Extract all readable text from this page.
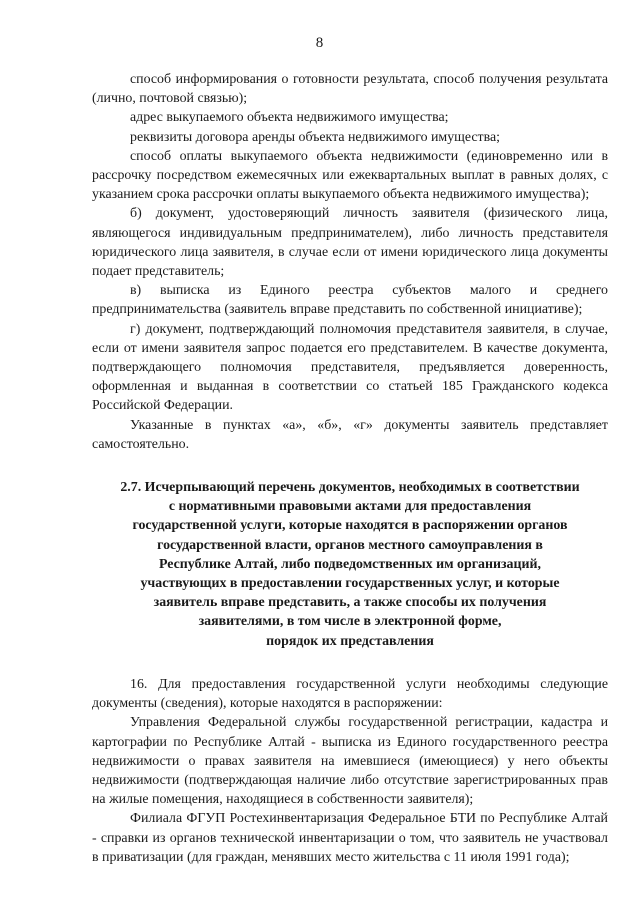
8

способ информирования о готовности результата, способ получения результата (лично, почтовой связью);

адрес выкупаемого объекта недвижимого имущества;

реквизиты договора аренды объекта недвижимого имущества;

способ оплаты выкупаемого объекта недвижимости (единовременно или в рассрочку посредством ежемесячных или ежеквартальных выплат в равных долях, с указанием срока рассрочки оплаты выкупаемого объекта недвижимого имущества);

б) документ, удостоверяющий личность заявителя (физического лица, являющегося индивидуальным предпринимателем), либо личность представителя юридического лица заявителя, в случае если от имени юридического лица документы подает представитель;

в) выписка из Единого реестра субъектов малого и среднего предпринимательства (заявитель вправе представить по собственной инициативе);

г) документ, подтверждающий полномочия представителя заявителя, в случае, если от имени заявителя запрос подается его представителем. В качестве документа, подтверждающего полномочия представителя, предъявляется доверенность, оформленная и выданная в соответствии со статьей 185 Гражданского кодекса Российской Федерации.

Указанные в пунктах «а», «б», «г» документы заявитель представляет самостоятельно.

2.7. Исчерпывающий перечень документов, необходимых в соответствии
с нормативными правовыми актами для предоставления
государственной услуги, которые находятся в распоряжении органов
государственной власти, органов местного самоуправления в
Республике Алтай, либо подведомственных им организаций,
участвующих в предоставлении государственных услуг, и которые
заявитель вправе представить, а также способы их получения
заявителями, в том числе в электронной форме,
порядок их представления

16. Для предоставления государственной услуги необходимы следующие документы (сведения), которые находятся в распоряжении:

Управления Федеральной службы государственной регистрации, кадастра и картографии по Республике Алтай - выписка из Единого государственного реестра недвижимости о правах заявителя на имевшиеся (имеющиеся) у него объекты недвижимости (подтверждающая наличие либо отсутствие зарегистрированных прав на жилые помещения, находящиеся в собственности заявителя);

Филиала ФГУП Ростехинвентаризация Федеральное БТИ по Республике Алтай - справки из органов технической инвентаризации о том, что заявитель не участвовал в приватизации (для граждан, менявших место жительства с 11 июля 1991 года);
